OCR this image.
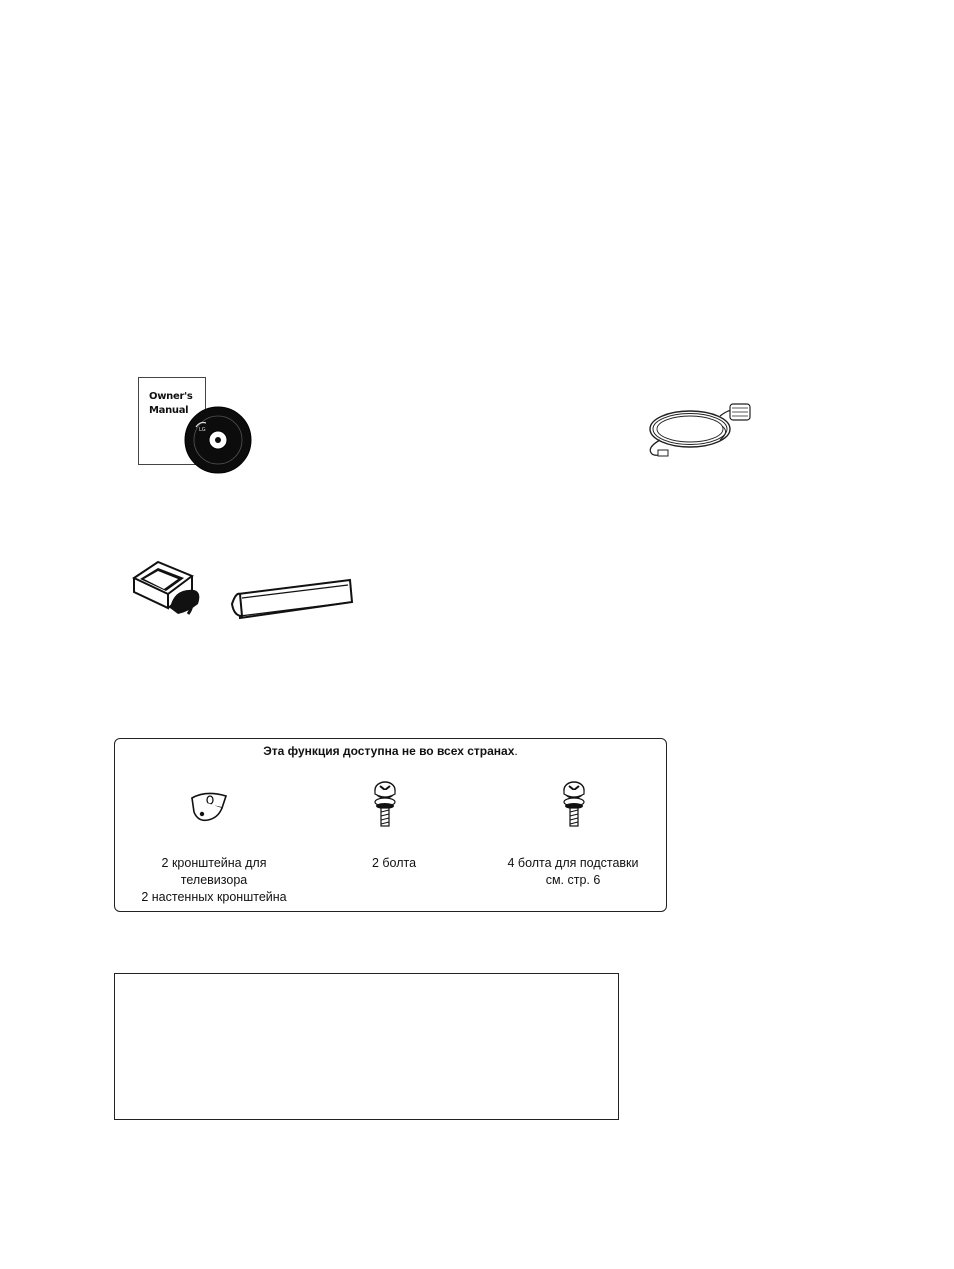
Owner's
Manual
LG
Эта функция доступна не во всех странах.
2 кронштейна для
телевизора
2 настенных кронштейна
2 болта	4 болта для подставки
см. стр. 6
